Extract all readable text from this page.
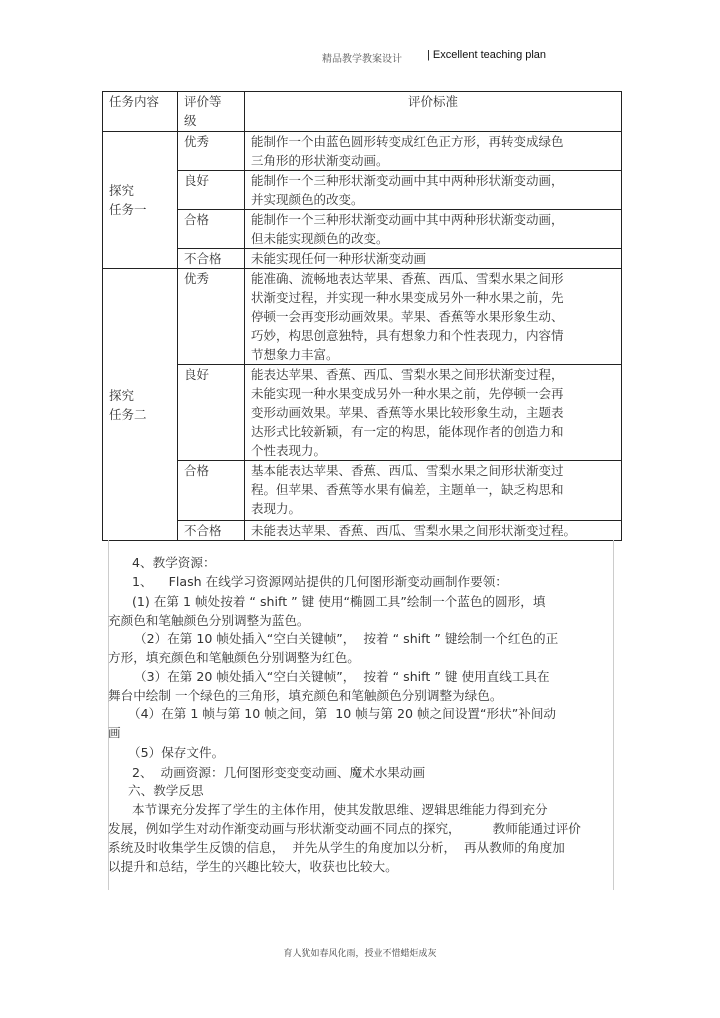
精品教学教案设计 | Excellent teaching plan
任务内容	评价等
级	评价标准
探究
任务一	优秀	能制作一个由蓝色圆形转变成红色正方形，再转变成绿色
三角形的形状渐变动画。
	良好	能制作一个三种形状渐变动画中其中两种形状渐变动画，
并实现颜色的改变。
	合格	能制作一个三种形状渐变动画中其中两种形状渐变动画，
但未能实现颜色的改变。
	不合格	未能实现任何一种形状渐变动画
探究
任务二	优秀	能准确、流畅地表达苹果、香蕉、西瓜、雪梨水果之间形
状渐变过程，并实现一种水果变成另外一种水果之前，先
停顿一会再变形动画效果。苹果、香蕉等水果形象生动、
巧妙，构思创意独特，具有想象力和个性表现力，内容情
节想象力丰富。
	良好	能表达苹果、香蕉、西瓜、雪梨水果之间形状渐变过程，
未能实现一种水果变成另外一种水果之前，先停顿一会再
变形动画效果。苹果、香蕉等水果比较形象生动，主题表
达形式比较新颖，有一定的构思，能体现作者的创造力和
个性表现力。
	合格	基本能表达苹果、香蕉、西瓜、雪梨水果之间形状渐变过
程。但苹果、香蕉等水果有偏差，主题单一，缺乏构思和
表现力。
	不合格	未能表达苹果、香蕉、西瓜、雪梨水果之间形状渐变过程。
4、教学资源：
1、    Flash 在线学习资源网站提供的几何图形渐变动画制作要领：
(1) 在第 1 帧处按着 “ shift ” 键 使用“椭圆工具”绘制一个蓝色的圆形，填
充颜色和笔触颜色分别调整为蓝色。
（2）在第 10 帧处插入“空白关键帧”，  按着 “ shift ” 键绘制一个红色的正
方形，填充颜色和笔触颜色分别调整为红色。
（3）在第 20 帧处插入“空白关键帧”，  按着 “ shift ” 键 使用直线工具在
舞台中绘制 一个绿色的三角形，填充颜色和笔触颜色分别调整为绿色。
（4）在第 1 帧与第 10 帧之间，第  10 帧与第 20 帧之间设置“形状”补间动
画
（5）保存文件。
2、  动画资源：几何图形变变变动画、魔术水果动画
六、教学反思
本节课充分发挥了学生的主体作用，使其发散思维、逻辑思维能力得到充分
发展，例如学生对动作渐变动画与形状渐变动画不同点的探究，        教师能通过评价
系统及时收集学生反馈的信息，  并先从学生的角度加以分析，  再从教师的角度加
以提升和总结，学生的兴趣比较大，收获也比较大。
育人犹如春风化雨，授业不惜蜡炬成灰
